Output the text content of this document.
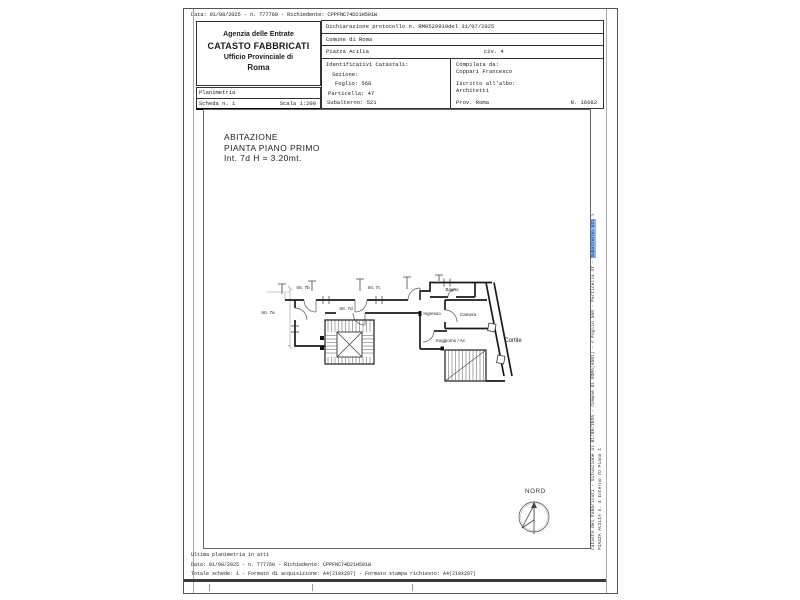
Data: 01/08/2025 - n. T77760 - Richiedente: CPPFNC74D21H501W
Agenzia delle Entrate
CATASTO FABBRICATI
Ufficio Provinciale di
Roma
Planimetria
Scheda n. 1	Scala 1:200
Dichiarazione protocollo n. RM0529910del 31/07/2025
Comune di Roma
Piazza Acilia	civ. 4
Identificativi Catastali:
Sezione:
Foglio: 568
Particella: 47
Subalterno: 521
Compilata da:
Coppari Francesco
Iscritto all'albo:
Architetti
Prov. Roma	N. 16682
ABITAZIONE
PIANTA PIANO PRIMO
Int. 7d H = 3.20mt.
Int. 7b	Int. 7c
Int. 7a
Int. 7d
Ingresso
Bagno
Camera
Soggiorno / Ac.	Cortile
NORD	Catasto dei Fabbricati - Situazione al 01/08/2025 - Comune di ROMA(H501) - < Foglio 568 - Particella 47 - Subalterno 521 >
PIAZZA ACILIA n. 4 Interno 7D Piano 1
Ultima planimetria in atti
Data: 01/08/2025 - n. T77760 - Richiedente: CPPFNC74D21H501W
Totale schede: 1 - Formato di acquisizione: A4(210x297) - Formato stampa richiesto: A4(210x297)
